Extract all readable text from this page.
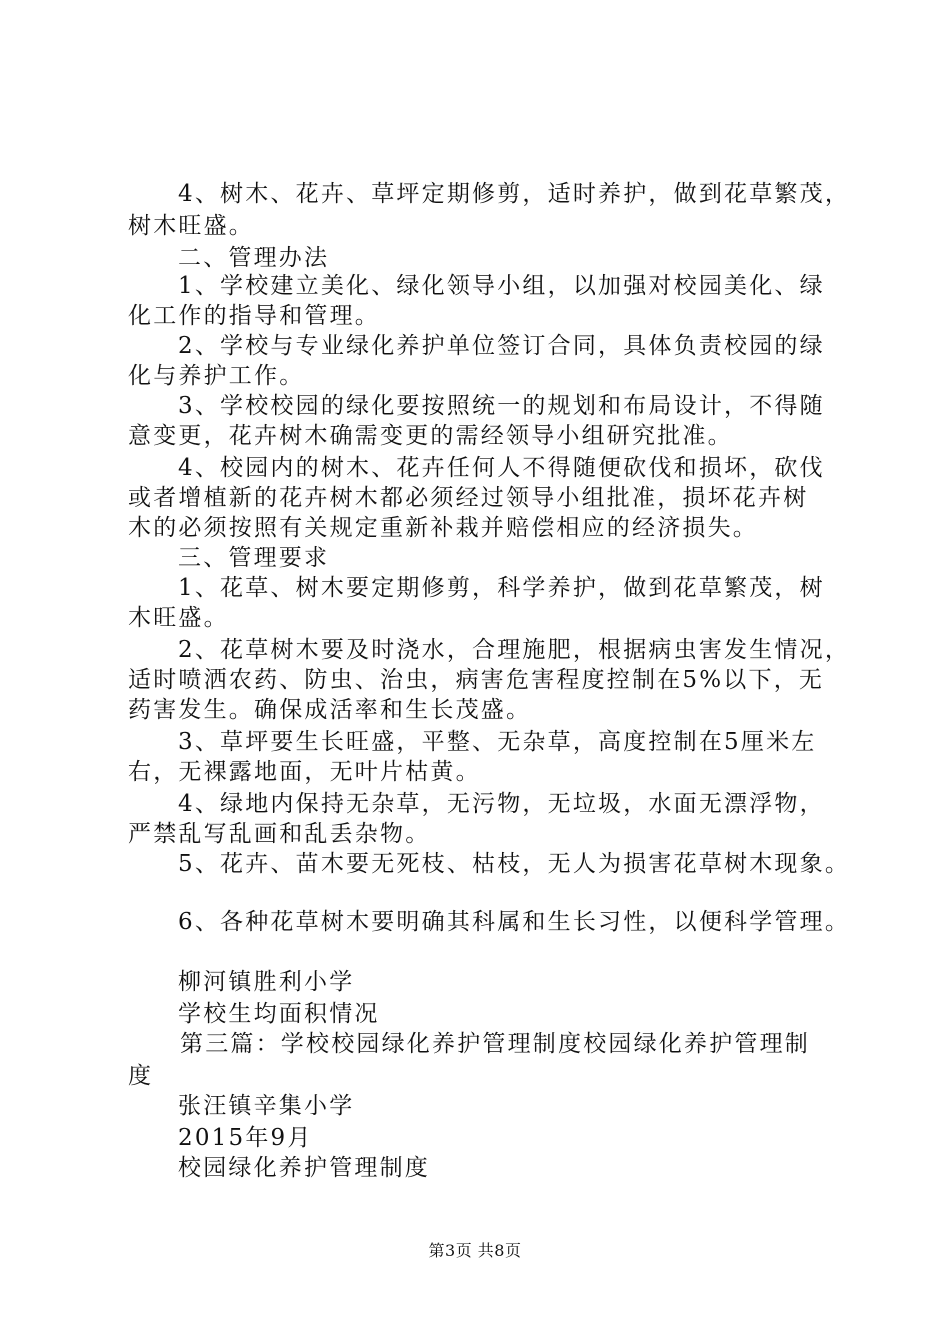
4、树木、花卉、草坪定期修剪，适时养护，做到花草繁茂，
树木旺盛。
二、管理办法
1、学校建立美化、绿化领导小组，以加强对校园美化、绿
化工作的指导和管理。
2、学校与专业绿化养护单位签订合同，具体负责校园的绿
化与养护工作。
3、学校校园的绿化要按照统一的规划和布局设计，不得随
意变更，花卉树木确需变更的需经领导小组研究批准。
4、校园内的树木、花卉任何人不得随便砍伐和损坏，砍伐
或者增植新的花卉树木都必须经过领导小组批准，损坏花卉树
木的必须按照有关规定重新补栽并赔偿相应的经济损失。
三、管理要求
1、花草、树木要定期修剪，科学养护，做到花草繁茂，树
木旺盛。
2、花草树木要及时浇水，合理施肥，根据病虫害发生情况，
适时喷洒农药、防虫、治虫，病害危害程度控制在5%以下，无
药害发生。确保成活率和生长茂盛。
3、草坪要生长旺盛，平整、无杂草，高度控制在5厘米左
右，无裸露地面，无叶片枯黄。
4、绿地内保持无杂草，无污物，无垃圾，水面无漂浮物，
严禁乱写乱画和乱丢杂物。
5、花卉、苗木要无死枝、枯枝，无人为损害花草树木现象。
6、各种花草树木要明确其科属和生长习性，以便科学管理。
柳河镇胜利小学
学校生均面积情况
第三篇：学校校园绿化养护管理制度校园绿化养护管理制
度
张汪镇辛集小学
2015年9月
校园绿化养护管理制度
第3页 共8页
